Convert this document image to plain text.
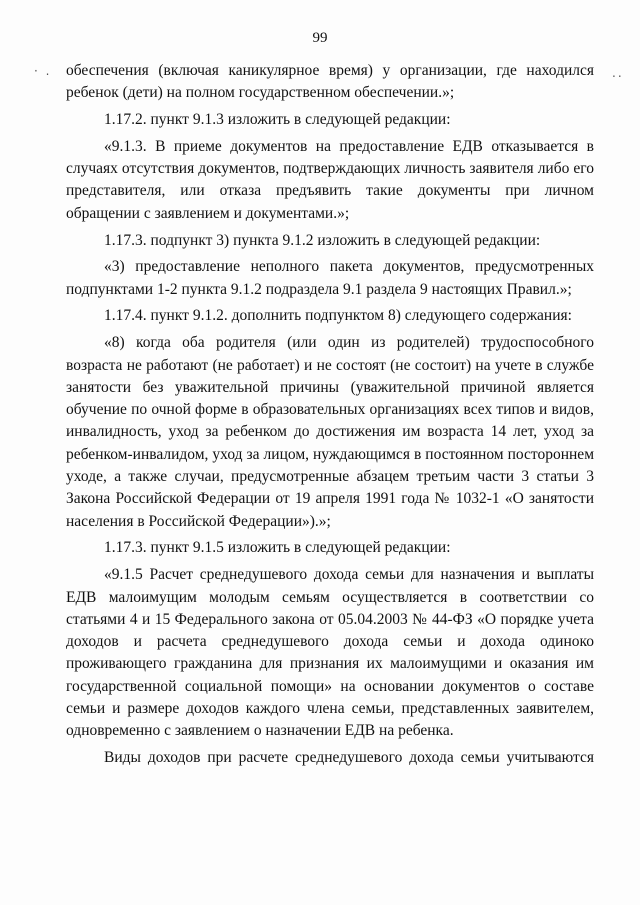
99
· .	..

обеспечения (включая каникулярное время) у организации, где находился ребенок (дети) на полном государственном обеспечении.»;

1.17.2. пункт 9.1.3 изложить в следующей редакции:

«9.1.3. В приеме документов на предоставление ЕДВ отказывается в случаях отсутствия документов, подтверждающих личность заявителя либо его представителя, или отказа предъявить такие документы при личном обращении с заявлением и документами.»;

1.17.3. подпункт 3) пункта 9.1.2 изложить в следующей редакции:

«3) предоставление неполного пакета документов, предусмотренных подпунктами 1-2 пункта 9.1.2 подраздела 9.1 раздела 9 настоящих Правил.»;

1.17.4. пункт 9.1.2. дополнить подпунктом 8) следующего содержания:

«8) когда оба родителя (или один из родителей) трудоспособного возраста не работают (не работает) и не состоят (не состоит) на учете в службе занятости без уважительной причины (уважительной причиной является обучение по очной форме в образовательных организациях всех типов и видов, инвалидность, уход за ребенком до достижения им возраста 14 лет, уход за ребенком-инвалидом, уход за лицом, нуждающимся в постоянном постороннем уходе, а также случаи, предусмотренные абзацем третьим части 3 статьи 3 Закона Российской Федерации от 19 апреля 1991 года № 1032-1 «О занятости населения в Российской Федерации»).»;

1.17.3. пункт 9.1.5 изложить в следующей редакции:

«9.1.5 Расчет среднедушевого дохода семьи для назначения и выплаты ЕДВ малоимущим молодым семьям осуществляется в соответствии со статьями 4 и 15 Федерального закона от 05.04.2003 № 44-ФЗ «О порядке учета доходов и расчета среднедушевого дохода семьи и дохода одиноко проживающего гражданина для признания их малоимущими и оказания им государственной социальной помощи» на основании документов о составе семьи и размере доходов каждого члена семьи, представленных заявителем, одновременно с заявлением о назначении ЕДВ на ребенка.

Виды доходов при расчете среднедушевого дохода семьи учитываются
